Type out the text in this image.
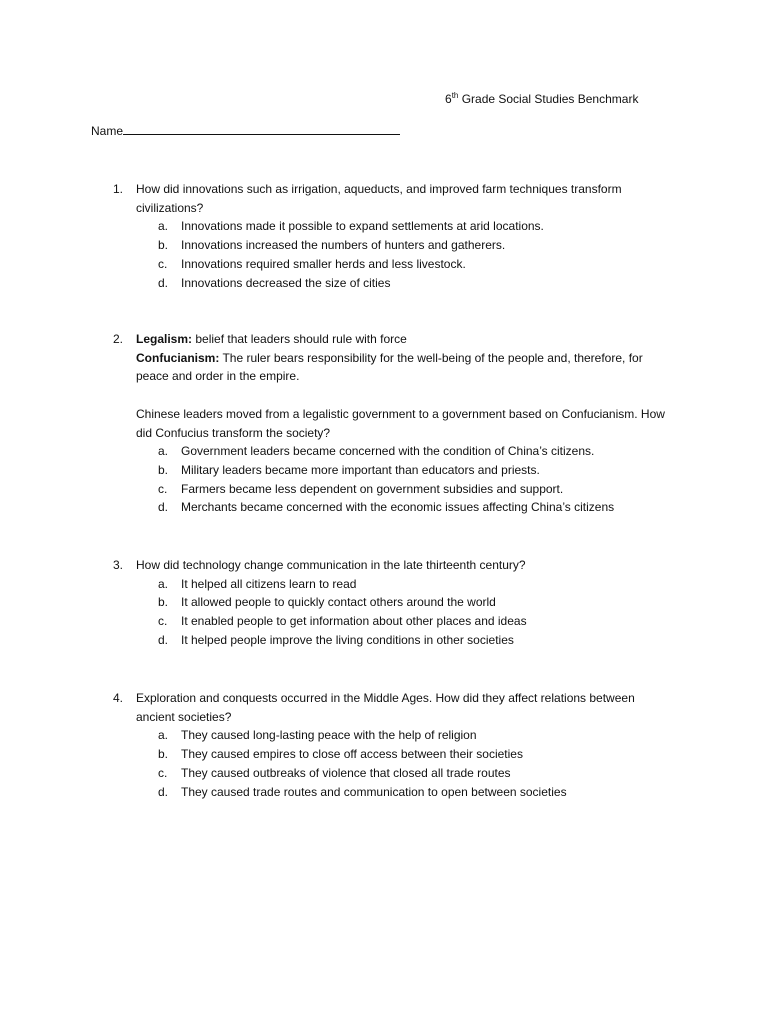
6th Grade Social Studies Benchmark
Name
1. How did innovations such as irrigation, aqueducts, and improved farm techniques transform civilizations?

a. Innovations made it possible to expand settlements at arid locations.
b. Innovations increased the numbers of hunters and gatherers.
c. Innovations required smaller herds and less livestock.
d. Innovations decreased the size of cities
2. Legalism: belief that leaders should rule with force

Confucianism: The ruler bears responsibility for the well-being of the people and, therefore, for peace and order in the empire.

Chinese leaders moved from a legalistic government to a government based on Confucianism. How did Confucius transform the society?

a. Government leaders became concerned with the condition of China’s citizens.
b. Military leaders became more important than educators and priests.
c. Farmers became less dependent on government subsidies and support.
d. Merchants became concerned with the economic issues affecting China’s citizens
3. How did technology change communication in the late thirteenth century?

a. It helped all citizens learn to read
b. It allowed people to quickly contact others around the world
c. It enabled people to get information about other places and ideas
d. It helped people improve the living conditions in other societies
4. Exploration and conquests occurred in the Middle Ages. How did they affect relations between ancient societies?

a. They caused long-lasting peace with the help of religion
b. They caused empires to close off access between their societies
c. They caused outbreaks of violence that closed all trade routes
d. They caused trade routes and communication to open between societies
